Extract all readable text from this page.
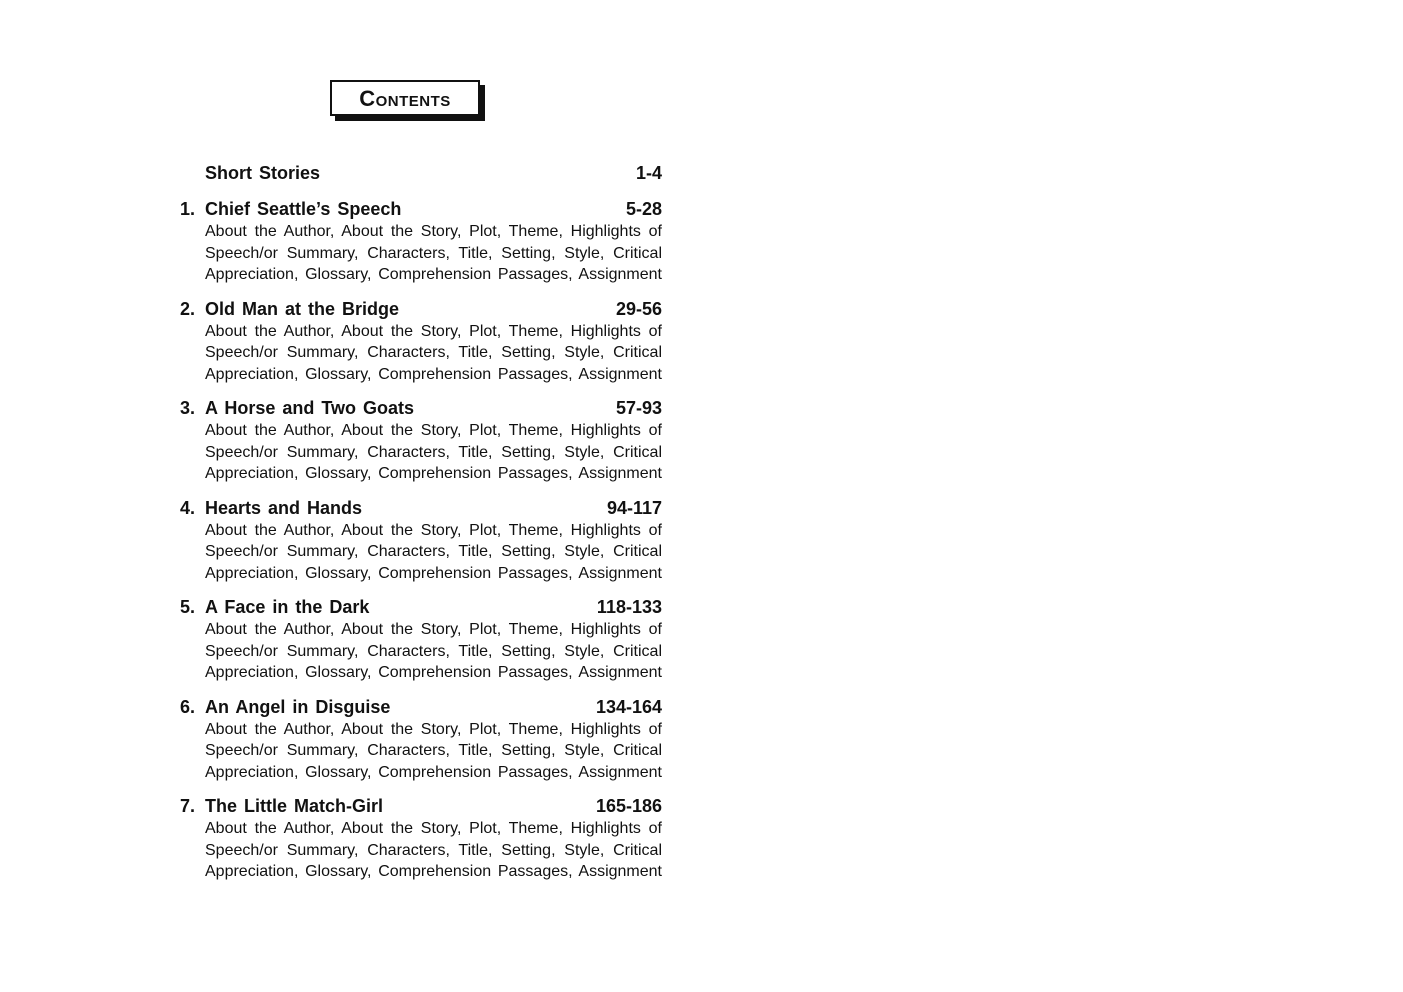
Contents
Short Stories	1-4
1. Chief Seattle’s Speech	5-28
About the Author, About the Story, Plot, Theme, Highlights of
Speech/or Summary, Characters, Title, Setting, Style, Critical
Appreciation, Glossary, Comprehension Passages, Assignment
2. Old Man at the Bridge	29-56
About the Author, About the Story, Plot, Theme, Highlights of
Speech/or Summary, Characters, Title, Setting, Style, Critical
Appreciation, Glossary, Comprehension Passages, Assignment
3. A Horse and Two Goats	57-93
About the Author, About the Story, Plot, Theme, Highlights of
Speech/or Summary, Characters, Title, Setting, Style, Critical
Appreciation, Glossary, Comprehension Passages, Assignment
4. Hearts and Hands	94-117
About the Author, About the Story, Plot, Theme, Highlights of
Speech/or Summary, Characters, Title, Setting, Style, Critical
Appreciation, Glossary, Comprehension Passages, Assignment
5. A Face in the Dark	118-133
About the Author, About the Story, Plot, Theme, Highlights of
Speech/or Summary, Characters, Title, Setting, Style, Critical
Appreciation, Glossary, Comprehension Passages, Assignment
6. An Angel in Disguise	134-164
About the Author, About the Story, Plot, Theme, Highlights of
Speech/or Summary, Characters, Title, Setting, Style, Critical
Appreciation, Glossary, Comprehension Passages, Assignment
7. The Little Match-Girl	165-186
About the Author, About the Story, Plot, Theme, Highlights of
Speech/or Summary, Characters, Title, Setting, Style, Critical
Appreciation, Glossary, Comprehension Passages, Assignment
